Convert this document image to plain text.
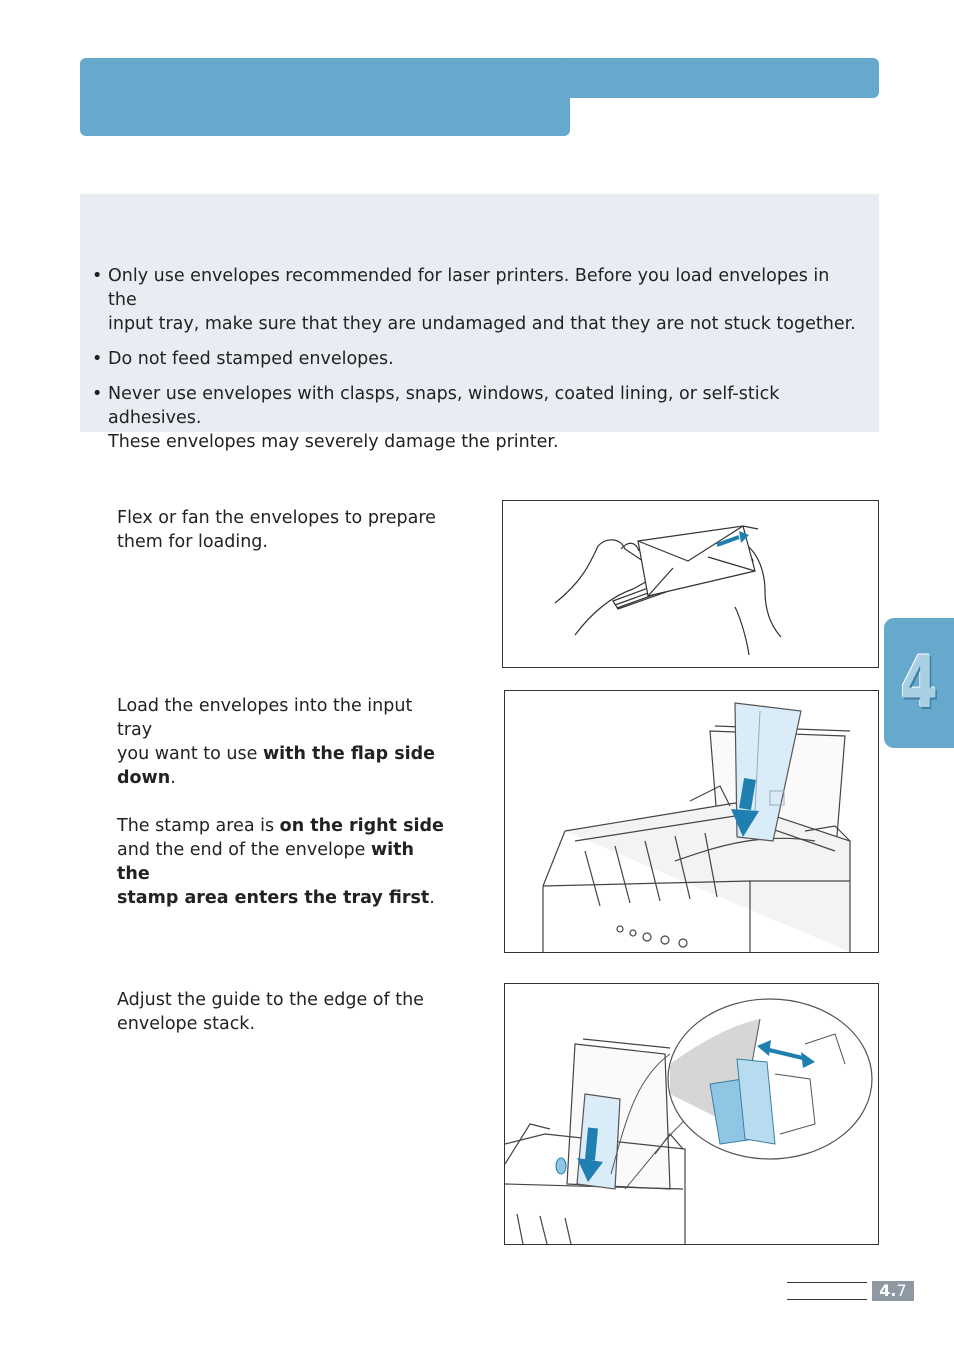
• Only use envelopes recommended for laser printers. Before you load envelopes in the
input tray, make sure that they are undamaged and that they are not stuck together.
• Do not feed stamped envelopes.
• Never use envelopes with clasps, snaps, windows, coated lining, or self-stick adhesives.
These envelopes may severely damage the printer.
Flex or fan the envelopes to prepare
them for loading.
Load the envelopes into the input tray
you want to use with the flap side
down.

The stamp area is on the right side
and the end of the envelope with the
stamp area enters the tray first.
Adjust the guide to the edge of the
envelope stack.
4
4.7
